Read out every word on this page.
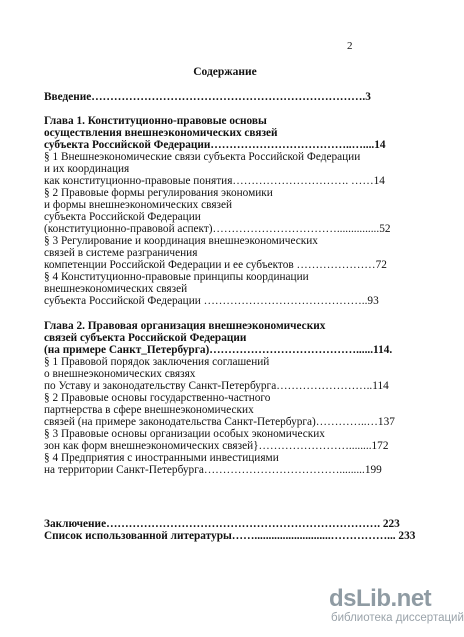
2
Содержание
Введение……………………………………………………………….3
Глава 1. Конституционно-правовые основы
осуществления внешнеэкономических связей
субъекта Российской Федерации………………………………..…....14
§ 1 Внешнеэкономические связи субъекта Российской Федерации
и их координация
как конституционно-правовые понятия…………………………. ……14
§ 2 Правовые формы регулирования экономики
и формы внешнеэкономических связей
субъекта Российской Федерации
(конституционно-правовой аспект)……………………………...............52
§ 3 Регулирование и координация внешнеэкономических
связей в системе разграничения
компетенции Российской Федерации и ее субъектов …………………72
§ 4 Конституционно-правовые принципы координации
внешнеэкономических связей
субъекта Российской Федерации ……………………………………..93
Глава 2. Правовая организация внешнеэкономических
связей субъекта Российской Федерации
(на примере Санкт_Петербурга)…………………………………......114.
§ 1 Правовой порядок заключения соглашений
о внешнеэкономических связях
по Уставу и законодательству Санкт-Петербурга……………………..114
§ 2 Правовые основы государственно-частного
партнерства в сфере внешнеэкономических
связей (на примере законодательства Санкт-Петербурга)…………..…137
§ 3 Правовые основы организации особых экономических
зон как форм внешнеэкономических связей}……………………........172
§ 4 Предприятия с иностранными инвестициями
на территории Санкт-Петербурга……………………………….........199
Заключение………………………………………………………………. 223
Список использованной литературы……...........................……………... 233
dsLib.net
библиотека диссертаций
